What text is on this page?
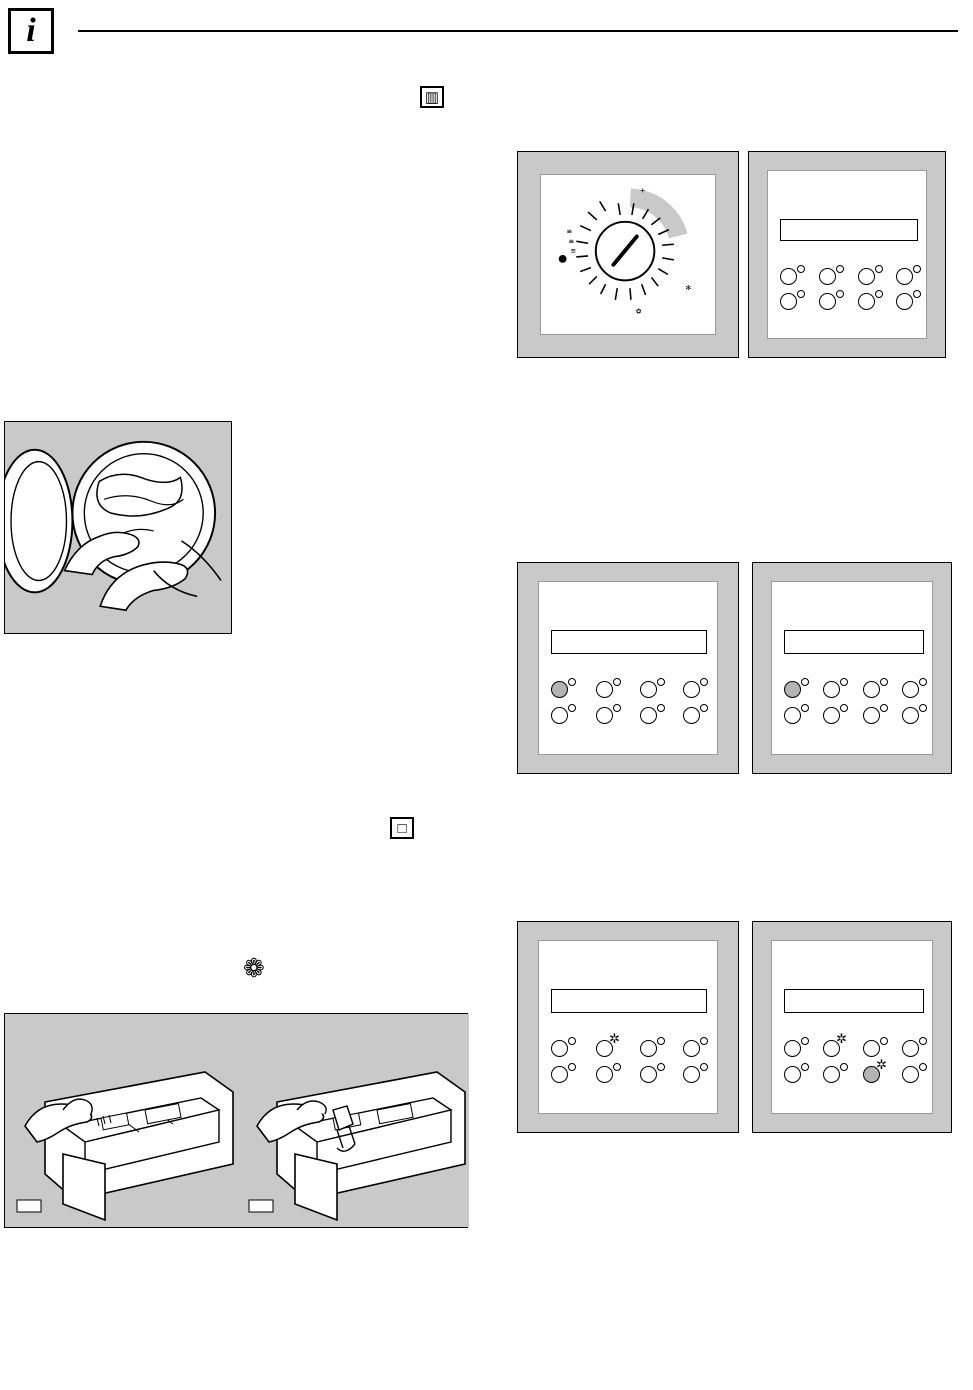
i
▥
≡
≡
≡
+
✿
✻
□
❁
✲	✲
✲
